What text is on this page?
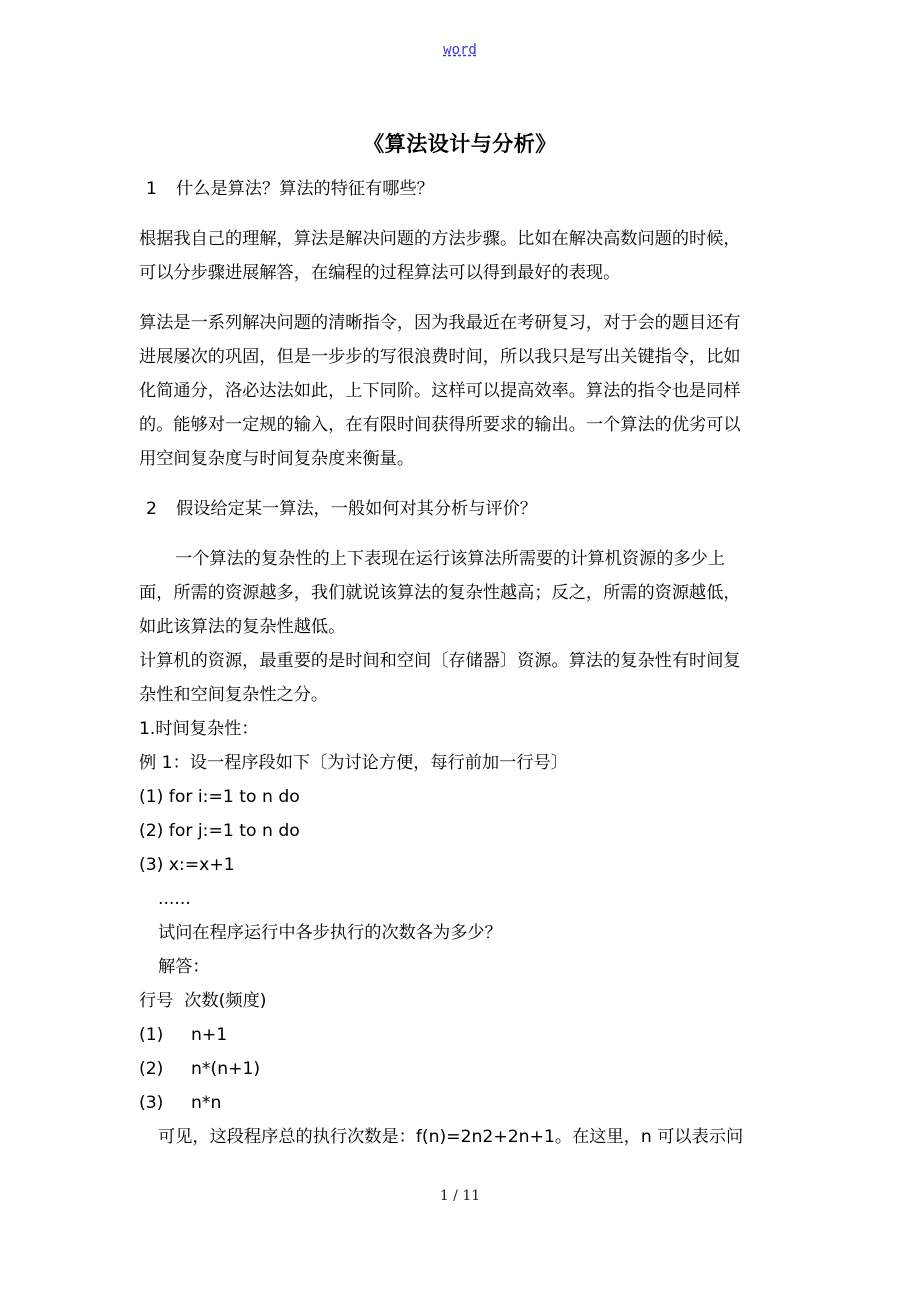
word
《算法设计与分析》

1 什么是算法？算法的特征有哪些？

根据我自己的理解，算法是解决问题的方法步骤。比如在解决高数问题的时候，
可以分步骤进展解答，在编程的过程算法可以得到最好的表现。

算法是一系列解决问题的清晰指令，因为我最近在考研复习，对于会的题目还有
进展屡次的巩固，但是一步步的写很浪费时间，所以我只是写出关键指令，比如
化简通分，洛必达法如此，上下同阶。这样可以提高效率。算法的指令也是同样
的。能够对一定规的输入，在有限时间获得所要求的输出。一个算法的优劣可以
用空间复杂度与时间复杂度来衡量。

2 假设给定某一算法，一般如何对其分析与评价？

一个算法的复杂性的上下表现在运行该算法所需要的计算机资源的多少上
面，所需的资源越多，我们就说该算法的复杂性越高；反之，所需的资源越低，
如此该算法的复杂性越低。

计算机的资源，最重要的是时间和空间〔存储器〕资源。算法的复杂性有时间复
杂性和空间复杂性之分。

1.时间复杂性：

例 1：设一程序段如下〔为讨论方便，每行前加一行号〕

(1) for i:=1 to n do

(2) for j:=1 to n do

(3) x:=x+1

......

试问在程序运行中各步执行的次数各为多少？

解答：

行号  次数(频度)

(1) n+1

(2) n*(n+1)

(3) n*n

可见，这段程序总的执行次数是：f(n)=2n2+2n+1。在这里，n 可以表示问

1 / 11
